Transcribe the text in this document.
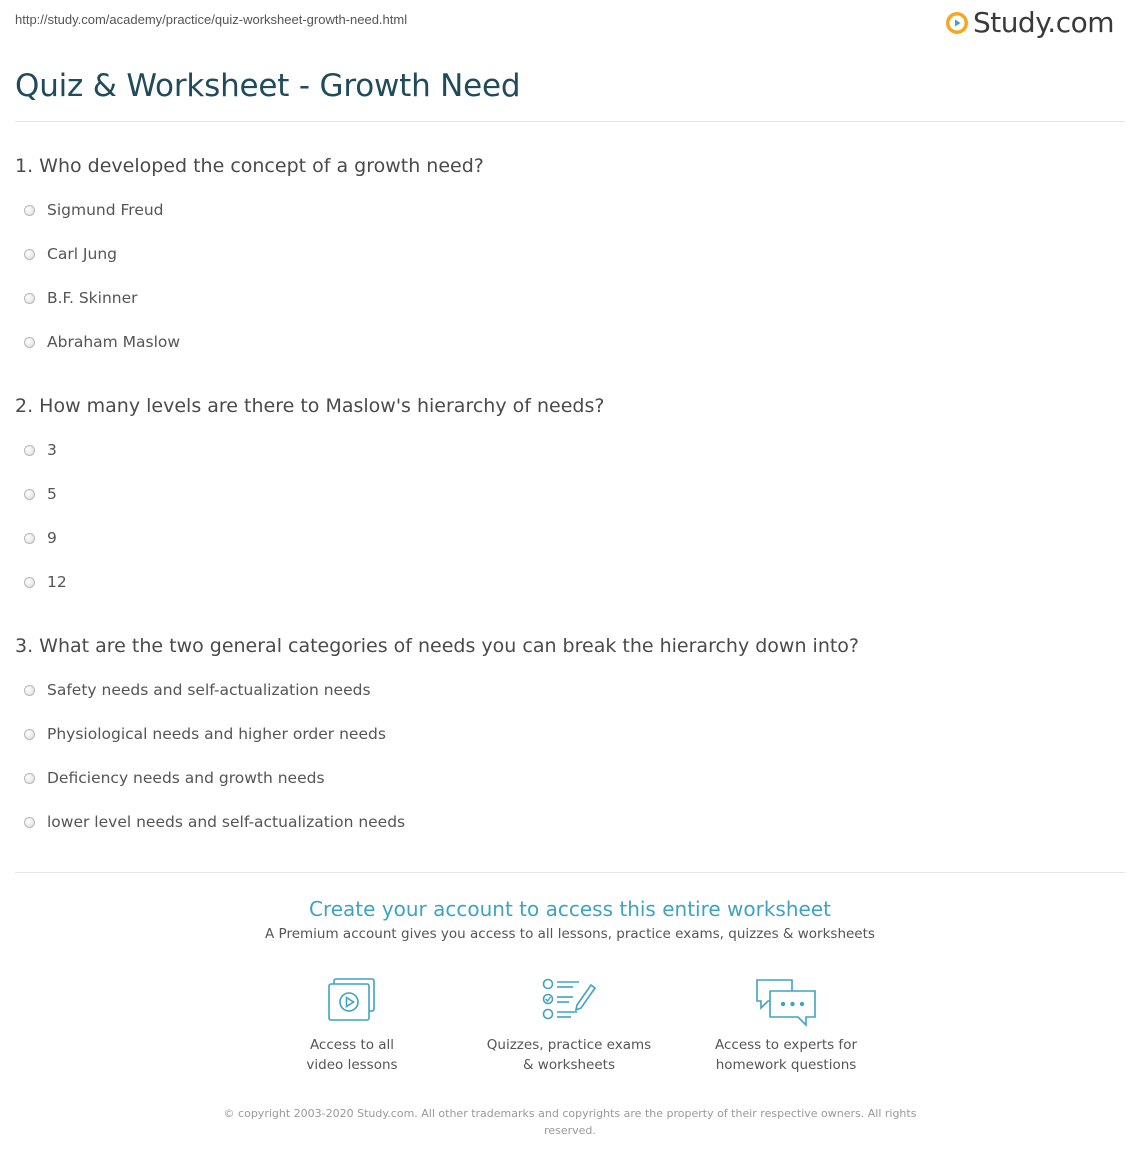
http://study.com/academy/practice/quiz-worksheet-growth-need.html	Study.com
Quiz & Worksheet - Growth Need
1. Who developed the concept of a growth need?
Sigmund Freud
Carl Jung
B.F. Skinner
Abraham Maslow
2. How many levels are there to Maslow's hierarchy of needs?
3
5
9
12
3. What are the two general categories of needs you can break the hierarchy down into?
Safety needs and self-actualization needs
Physiological needs and higher order needs
Deficiency needs and growth needs
lower level needs and self-actualization needs
Create your account to access this entire worksheet
A Premium account gives you access to all lessons, practice exams, quizzes & worksheets
Access to all
video lessons
Quizzes, practice exams
& worksheets
Access to experts for
homework questions
© copyright 2003-2020 Study.com. All other trademarks and copyrights are the property of their respective owners. All rights
reserved.
